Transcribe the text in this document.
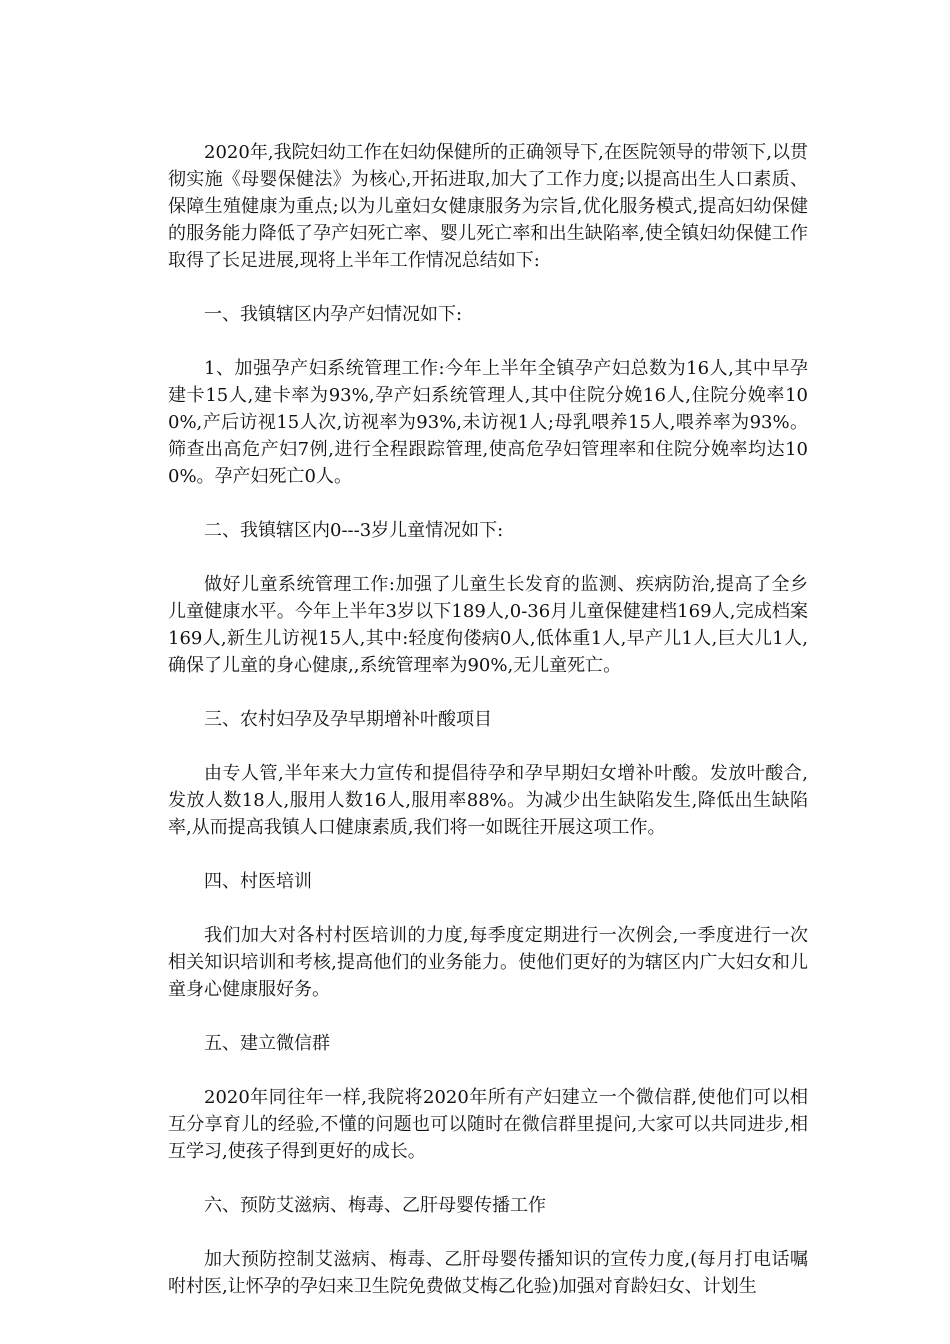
2020年,我院妇幼工作在妇幼保健所的正确领导下,在医院领导的带领下,以贯彻实施《母婴保健法》为核心,开拓进取,加大了工作力度;以提高出生人口素质、保障生殖健康为重点;以为儿童妇女健康服务为宗旨,优化服务模式,提高妇幼保健的服务能力降低了孕产妇死亡率、婴儿死亡率和出生缺陷率,使全镇妇幼保健工作取得了长足进展,现将上半年工作情况总结如下:

一、我镇辖区内孕产妇情况如下:

1、加强孕产妇系统管理工作:今年上半年全镇孕产妇总数为16人,其中早孕建卡15人,建卡率为93%,孕产妇系统管理人,其中住院分娩16人,住院分娩率100%,产后访视15人次,访视率为93%,未访视1人;母乳喂养15人,喂养率为93%。筛查出高危产妇7例,进行全程跟踪管理,使高危孕妇管理率和住院分娩率均达100%。孕产妇死亡0人。

二、我镇辖区内0---3岁儿童情况如下:

做好儿童系统管理工作:加强了儿童生长发育的监测、疾病防治,提高了全乡儿童健康水平。今年上半年3岁以下189人,0-36月儿童保健建档169人,完成档案169人,新生儿访视15人,其中:轻度佝偻病0人,低体重1人,早产儿1人,巨大儿1人,确保了儿童的身心健康,,系统管理率为90%,无儿童死亡。

三、农村妇孕及孕早期增补叶酸项目

由专人管,半年来大力宣传和提倡待孕和孕早期妇女增补叶酸。发放叶酸合,发放人数18人,服用人数16人,服用率88%。为减少出生缺陷发生,降低出生缺陷率,从而提高我镇人口健康素质,我们将一如既往开展这项工作。

四、村医培训

我们加大对各村村医培训的力度,每季度定期进行一次例会,一季度进行一次相关知识培训和考核,提高他们的业务能力。使他们更好的为辖区内广大妇女和儿童身心健康服好务。

五、建立微信群

2020年同往年一样,我院将2020年所有产妇建立一个微信群,使他们可以相互分享育儿的经验,不懂的问题也可以随时在微信群里提问,大家可以共同进步,相互学习,使孩子得到更好的成长。

六、预防艾滋病、梅毒、乙肝母婴传播工作

加大预防控制艾滋病、梅毒、乙肝母婴传播知识的宣传力度,(每月打电话嘱咐村医,让怀孕的孕妇来卫生院免费做艾梅乙化验)加强对育龄妇女、计划生
